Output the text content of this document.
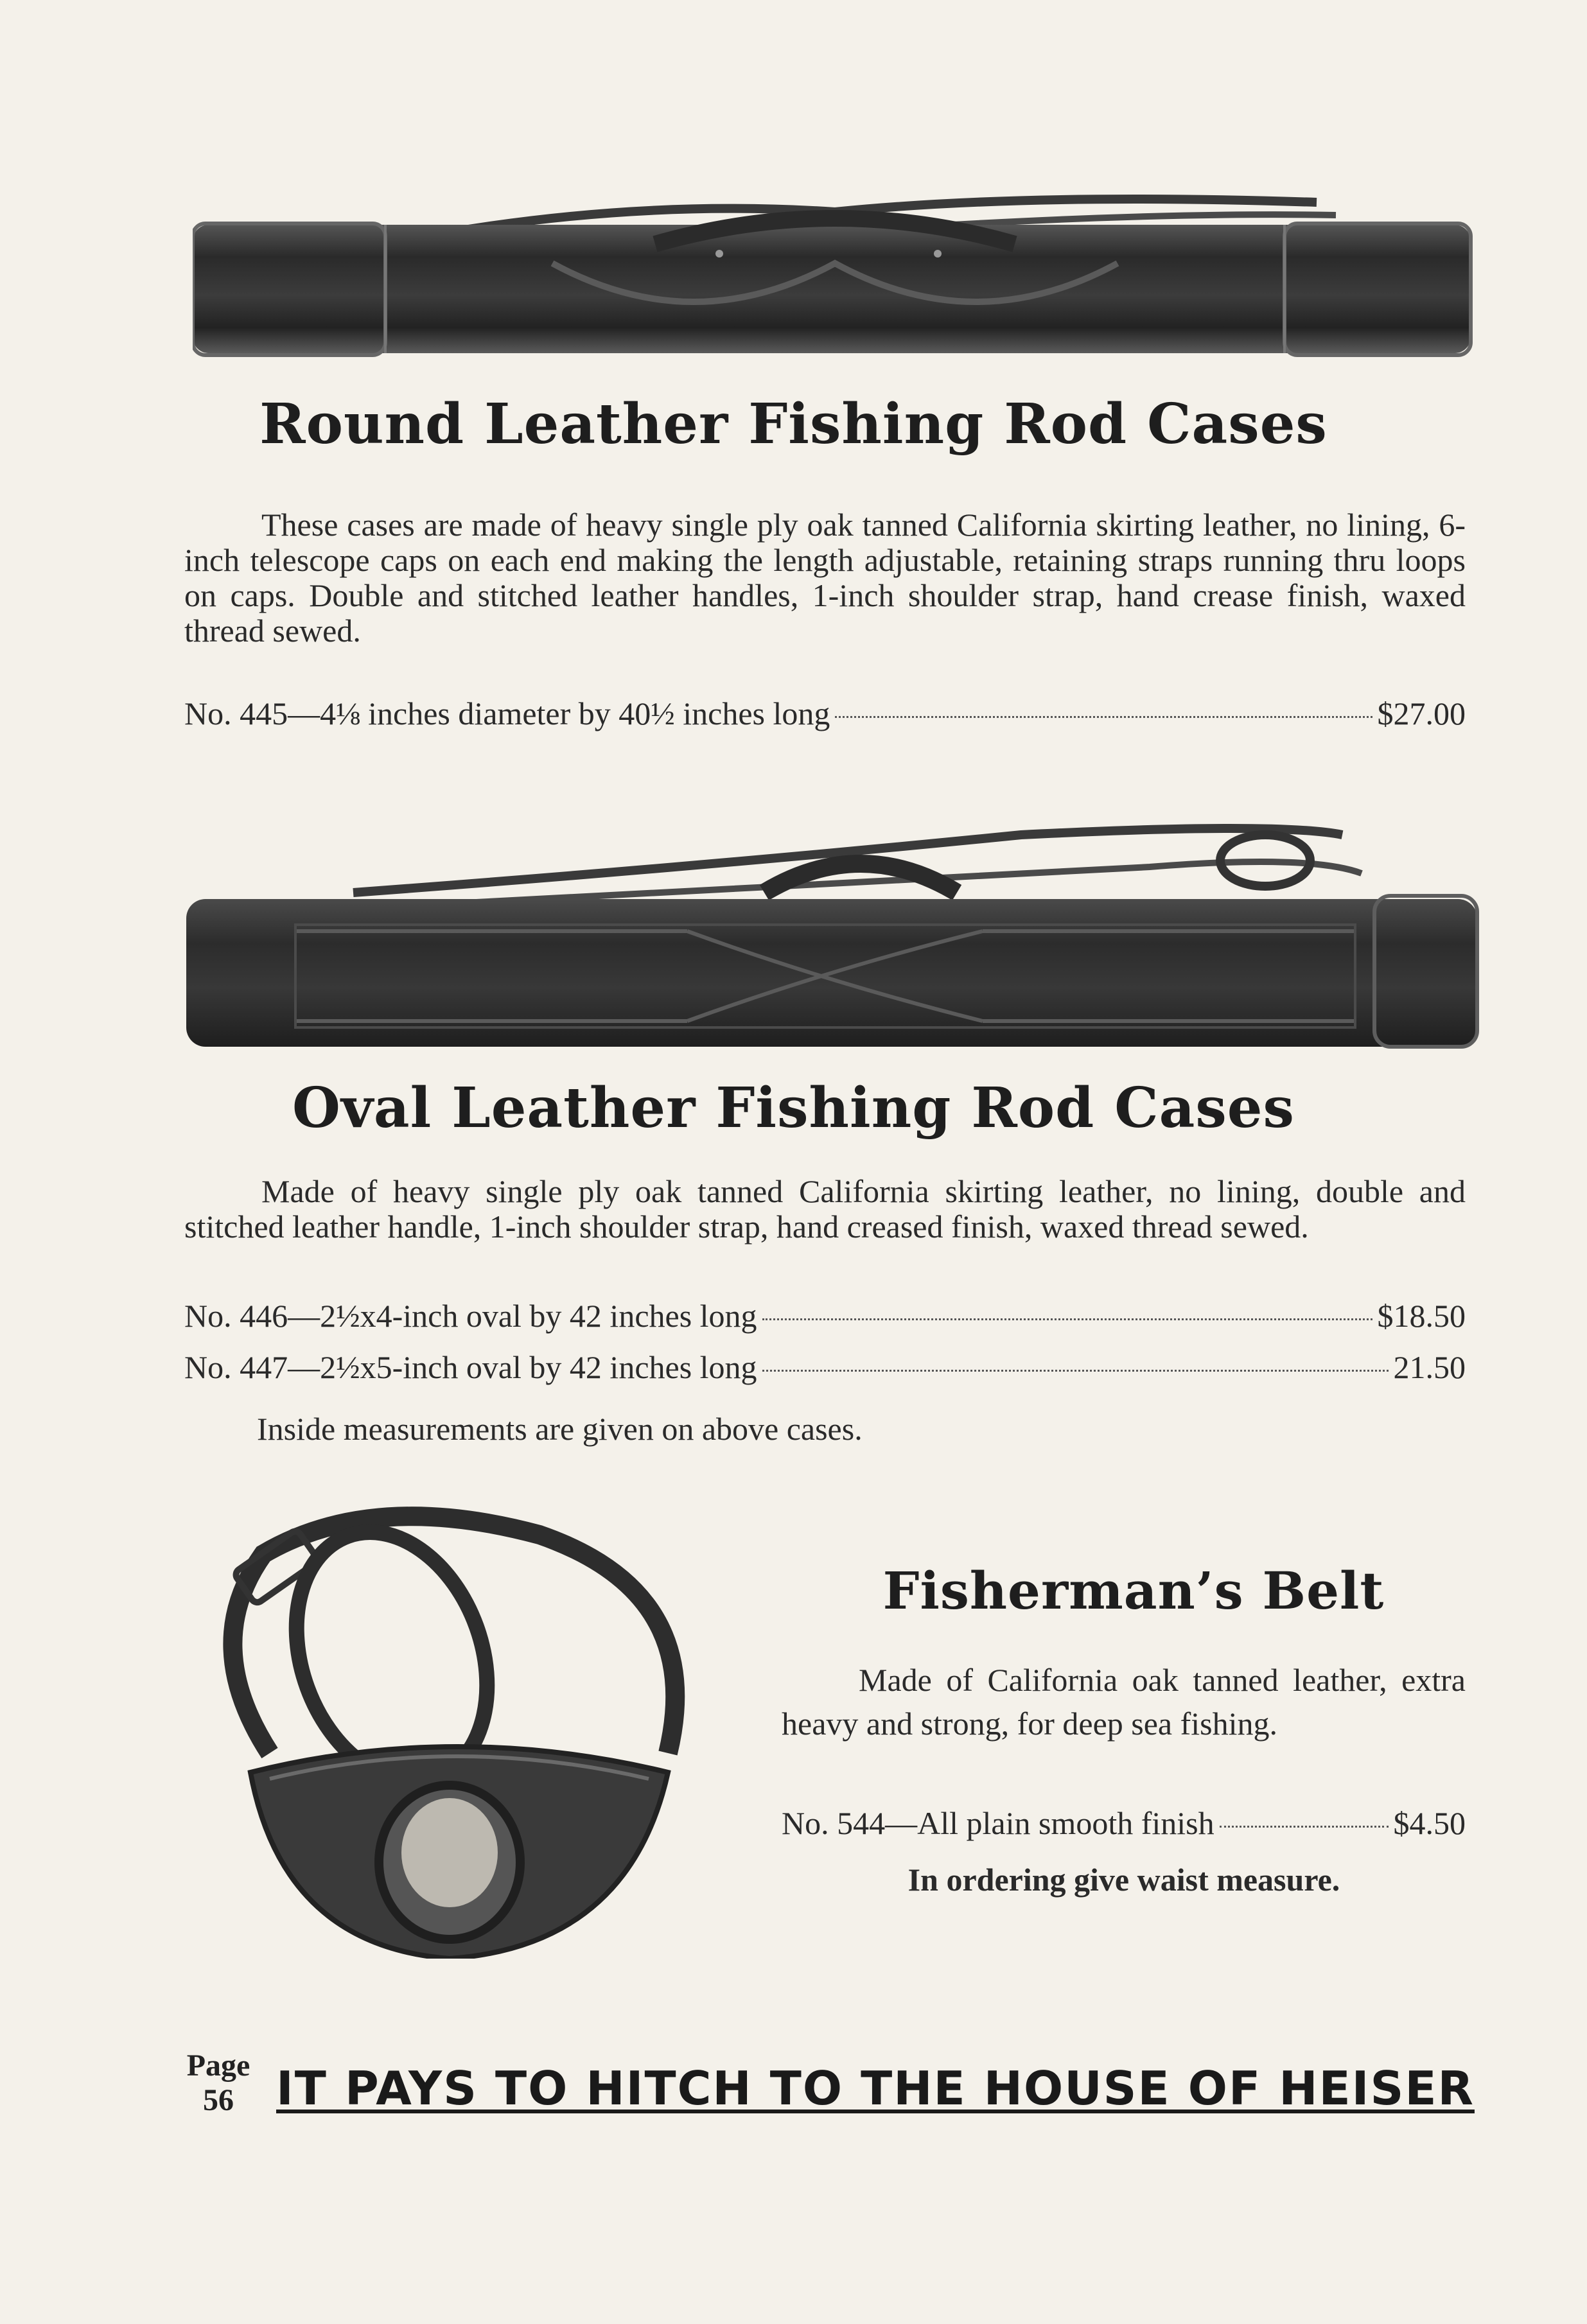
Round Leather Fishing Rod Cases
These cases are made of heavy single ply oak tanned California skirting leather, no lining, 6-inch telescope caps on each end making the length adjustable, retaining straps running thru loops on caps. Double and stitched leather handles, 1-inch shoulder strap, hand crease finish, waxed thread sewed.
No. 445—4⅛ inches diameter by 40½ inches long	$27.00
Oval Leather Fishing Rod Cases
Made of heavy single ply oak tanned California skirting leather, no lining, double and stitched leather handle, 1-inch shoulder strap, hand creased finish, waxed thread sewed.
No. 446—2½x4-inch oval by 42 inches long	$18.50
No. 447—2½x5-inch oval by 42 inches long	21.50
Inside measurements are given on above cases.
Fisherman’s Belt
Made of California oak tanned leather, extra heavy and strong, for deep sea fishing.
No. 544—All plain smooth finish	$4.50
In ordering give waist measure.
Page
56 IT PAYS TO HITCH TO THE HOUSE OF HEISER
